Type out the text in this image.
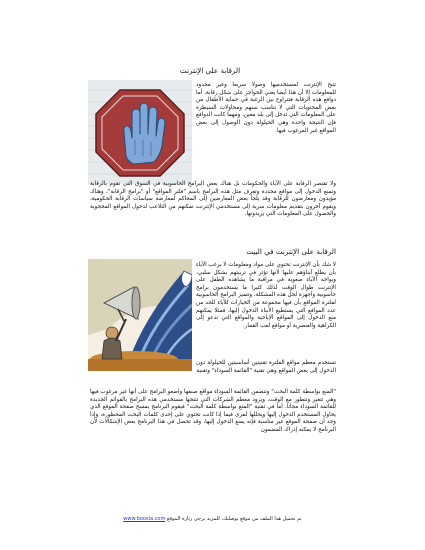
الرقابة على الإنترنت

تتيح الإنترنت لمستخدميها وصولا سريعا وغير محدود للمعلومات إلا أن هذا أيضا يعني الحواجز على شكل رقابة، أما دوافع هذه الرقابة فتتراوح بين الرغبة في حماية الأطفال من بعض المحتويات التي لا تناسب سنهم ومحاولات السيطرة على المعلومات التي تدخل إلى بلد معين، ومهما كانت الدوافع فإن النتيجة واحدة وهي الحيلولة دون الوصول إلى بعض المواقع غير المرغوب فيها.

ولا تقتصر الرقابة على الآباء والحكومات بل هناك بعض البرامج الحاسوبية في السوق التي تقوم بالرقابة وتمنع الدخول إلى مواقع محددة وتعرف مثل هذه البرامج باسم "فلتر المواقع" أو "برامج الرقابة"، وهناك مؤيدون ومعارضون للرقابة وقد يلجأ بعض المعارضين إلى المحاكم لمعارضة سياسات الرقابة الحكومية، ويقوم آخرون بتقديم معلومات سرية إلى مستخدمي الإنترنت تمكنهم من التلاعب لدخول المواقع المحجوبة والحصول على المعلومات التي يريدونها.

الرقابة على الإنترنت في البيت

لا شك بأن الإنترنت تحتوي على مواد ومعلومات لا يرغب الآباء بأن يطلع أبناؤهم عليها لأنها تؤثر في تربيتهم بشكل سلبي، ويواجه الآباء صعوبة في مراقبة ما يشاهده الطفل على الإنترنت طوال الوقت لذلك كثيرا ما يستخدمون برامج حاسوبية وأجهزة لحل هذه المشكلة، وتتميز البرامج الحاسوبية لفلترة المواقع بأن فيها مجموعة من الخيارات للآباء للحد من عدد المواقع التي يستطيع الأبناء الدخول إليها، فمثلا يمكنهم منع الدخول إلى المواقع الإباحية والمواقع التي تدعو إلى الكراهية والعنصرية أو مواقع لعب القمار.

تستخدم معظم مواقع الفلترة تقنيتين أساسيتين للحيلولة دون الدخول إلى بعض المواقع وهي تقنية "القائمة السوداء" وتقنية

"المنع بواسطة كلمة البحث" وتتضمن القائمة السوداء مواقع صنفها واضعو البرامج على أنها غير مرغوب فيها وهي تتغير وتتطور مع الوقت، ويزود معظم الشركات التي تنتجها مستخدمي هذه البرامج بالقوائم الجديدة للقائمة السوداء مجانا. أما في تقنية "المنع بواسطة كلمة البحث" فيقوم البرنامج بمسح صفحة الموقع الذي يحاول المستخدم الدخول إليها ويحللها لمرى فيما إذا كانت تحتوي على إحدى كلمات البحث المحظورة، وإذا وجد أن صفحة الموقع غير مناسبة فإنه يمنع الدخول إليها، وقد تحصل في هذا البرنامج بعض الإشكالات لأن البرنامج لا يمكنه إدراك المضمون

تم تحميل هذا الملف من موقع بوصلتك، للمزيد يرجى زيارة الموقع www.boosla.com
